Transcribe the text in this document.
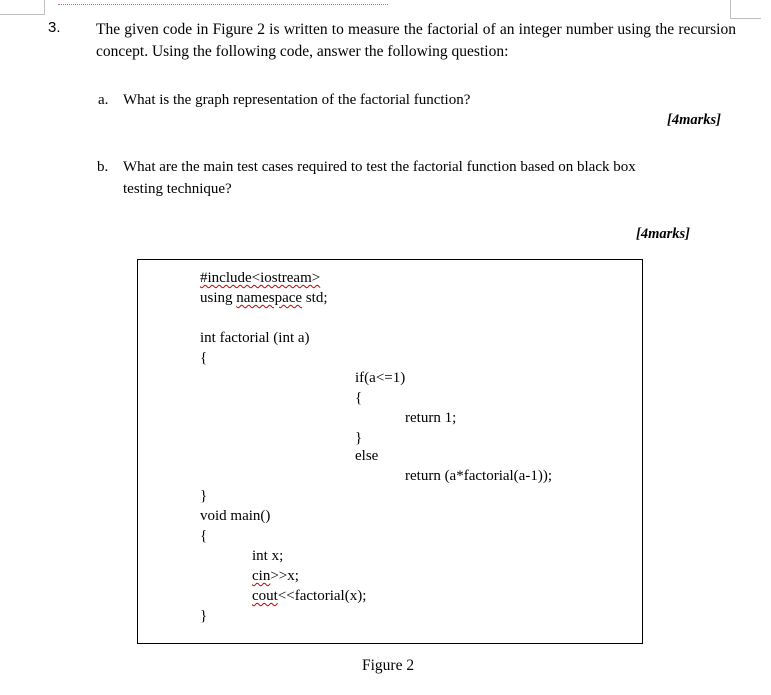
3. The given code in Figure 2 is written to measure the factorial of an integer number using the recursion concept. Using the following code, answer the following question:
a. What is the graph representation of the factorial function?
[4marks]
b. What are the main test cases required to test the factorial function based on black box
testing technique?
[4marks]
#include<iostream>
using namespace std;
int factorial (int a)
{
if(a<=1)
{
return 1;
}
else
return (a*factorial(a-1));
}
void main()
{
int x;
cin>>x;
cout<<factorial(x);
}
Figure 2
